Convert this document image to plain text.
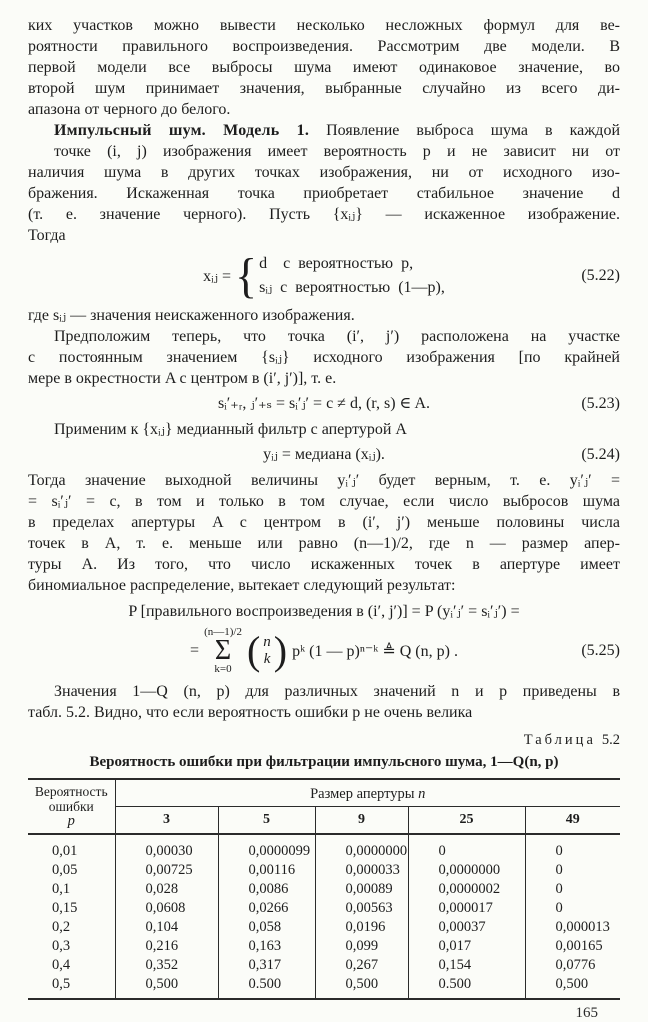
ких участков можно вывести несколько несложных формул для ве-
роятности правильного воспроизведения. Рассмотрим две модели. В
первой модели все выбросы шума имеют одинаковое значение, во
второй шум принимает значения, выбранные случайно из всего ди-
апазона от черного до белого.
Импульсный шум. Модель 1. Появление выброса шума в каждой
точке (i, j) изображения имеет вероятность p и не зависит ни от
наличия шума в других точках изображения, ни от исходного изо-
бражения. Искаженная точка приобретает стабильное значение d
(т. е. значение черного). Пусть {xᵢⱼ} — искаженное изображение.
Тогда
xᵢⱼ = { d    с  вероятностью  p,
sᵢⱼ  с  вероятностью  (1—p),
(5.22)
где sᵢⱼ — значения неискаженного изображения.
Предположим теперь, что точка (i′, j′) расположена на участке
с постоянным значением {sᵢⱼ} исходного изображения [по крайней
мере в окрестности A с центром в (i′, j′)], т. е.
sᵢ′₊ᵣ, ⱼ′₊ₛ = sᵢ′ⱼ′ = c ≠ d, (r, s) ∈ A.	(5.23)
Применим к {xᵢⱼ} медианный фильтр с апертурой A
yᵢⱼ = медиана (xᵢⱼ).	(5.24)
Тогда значение выходной величины yᵢ′ⱼ′ будет верным, т. е. yᵢ′ⱼ′ =
= sᵢ′ⱼ′ = c, в том и только в том случае, если число выбросов шума
в пределах апертуры A с центром в (i′, j′) меньше половины числа
точек в A, т. е. меньше или равно (n—1)/2, где n — размер апер-
туры A. Из того, что число искаженных точек в апертуре имеет
биномиальное распределение, вытекает следующий результат:
P [правильного воспроизведения в (i′, j′)] = P (yᵢ′ⱼ′ = sᵢ′ⱼ′) =
=
(n—1)/2
Σ
k=0 ( n
k ) pᵏ (1 — p)ⁿ⁻ᵏ ≜ Q (n, p) .	(5.25)
Значения 1—Q (n, p) для различных значений n и p приведены в
табл. 5.2. Видно, что если вероятность ошибки p не очень велика
Таблица 5.2
Вероятность ошибки при фильтрации импульсного шума, 1—Q(n, p)
Вероятность
ошибки
p	Размер апертуры n				
	3	5	9	25	49
0,01	0,00030	0,0000099	0,0000000	0	0
0,05	0,00725	0,00116	0,000033	0,0000000	0
0,1	0,028	0,0086	0,00089	0,0000002	0
0,15	0,0608	0,0266	0,00563	0,000017	0
0,2	0,104	0,058	0,0196	0,00037	0,000013
0,3	0,216	0,163	0,099	0,017	0,00165
0,4	0,352	0,317	0,267	0,154	0,0776
0,5	0,500	0.500	0,500	0.500	0,500
165
